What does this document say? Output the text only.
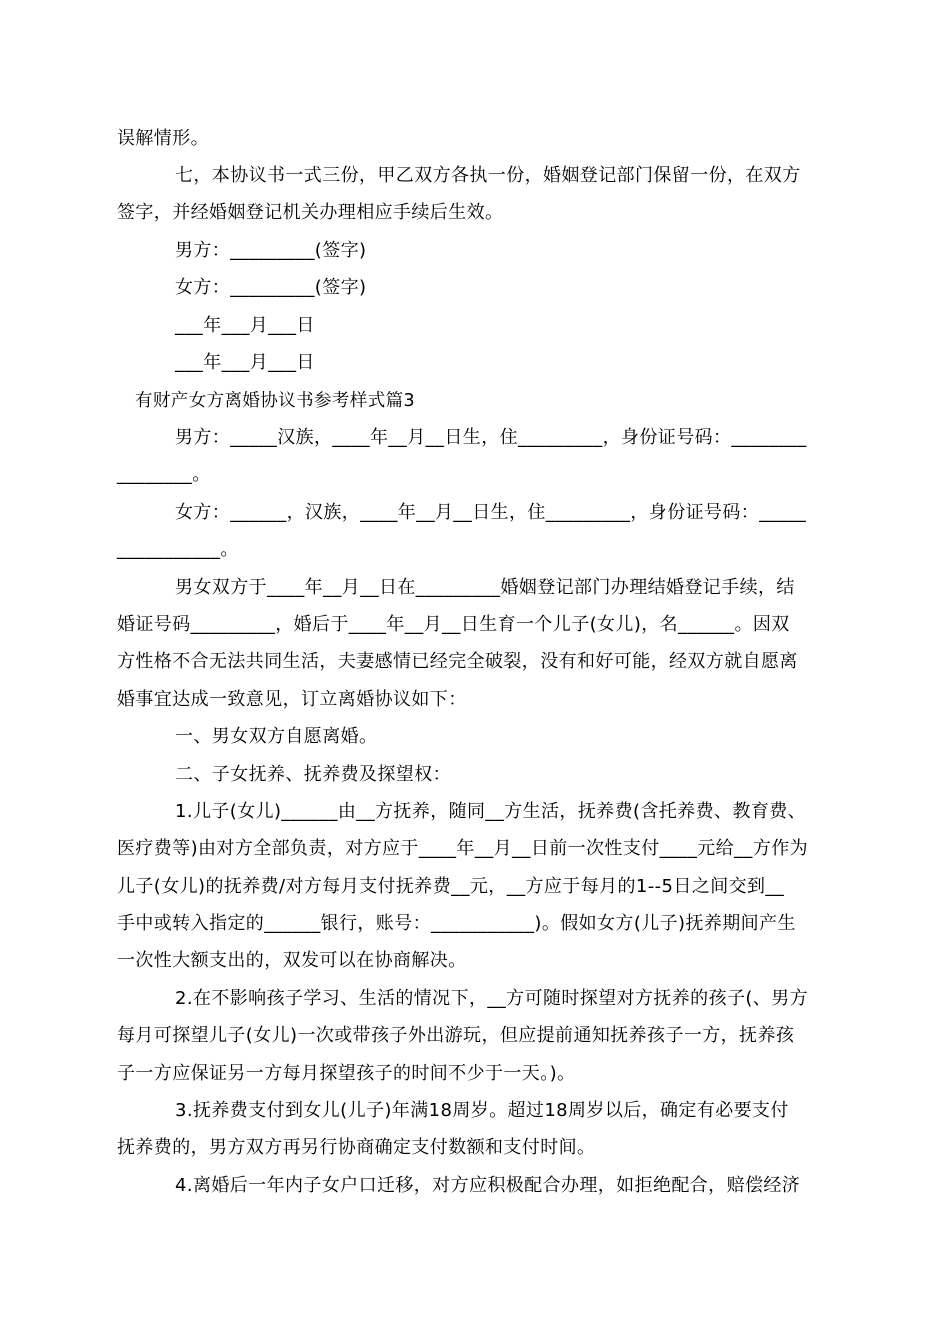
误解情形。
七，本协议书一式三份，甲乙双方各执一份，婚姻登记部门保留一份，在双方
签字，并经婚姻登记机关办理相应手续后生效。
男方：_________(签字)
女方：_________(签字)
___年___月___日
___年___月___日
有财产女方离婚协议书参考样式篇3
男方：_____汉族，____年__月__日生，住_________，身份证号码：________
________。
女方：______，汉族，____年__月__日生，住_________，身份证号码：_____
___________。
男女双方于____年__月__日在_________婚姻登记部门办理结婚登记手续，结
婚证号码_________，婚后于____年__月__日生育一个儿子(女儿)，名______。因双
方性格不合无法共同生活，夫妻感情已经完全破裂，没有和好可能，经双方就自愿离
婚事宜达成一致意见，订立离婚协议如下：
一、男女双方自愿离婚。
二、子女抚养、抚养费及探望权：
1.儿子(女儿)______由__方抚养，随同__方生活，抚养费(含托养费、教育费、
医疗费等)由对方全部负责，对方应于____年__月__日前一次性支付____元给__方作为
儿子(女儿)的抚养费/对方每月支付抚养费__元，__方应于每月的1--5日之间交到__
手中或转入指定的______银行，账号：___________)。假如女方(儿子)抚养期间产生
一次性大额支出的，双发可以在协商解决。
2.在不影响孩子学习、生活的情况下，__方可随时探望对方抚养的孩子(、男方
每月可探望儿子(女儿)一次或带孩子外出游玩，但应提前通知抚养孩子一方，抚养孩
子一方应保证另一方每月探望孩子的时间不少于一天。)。
3.抚养费支付到女儿(儿子)年满18周岁。超过18周岁以后，确定有必要支付
抚养费的，男方双方再另行协商确定支付数额和支付时间。
4.离婚后一年内子女户口迁移，对方应积极配合办理，如拒绝配合，赔偿经济
